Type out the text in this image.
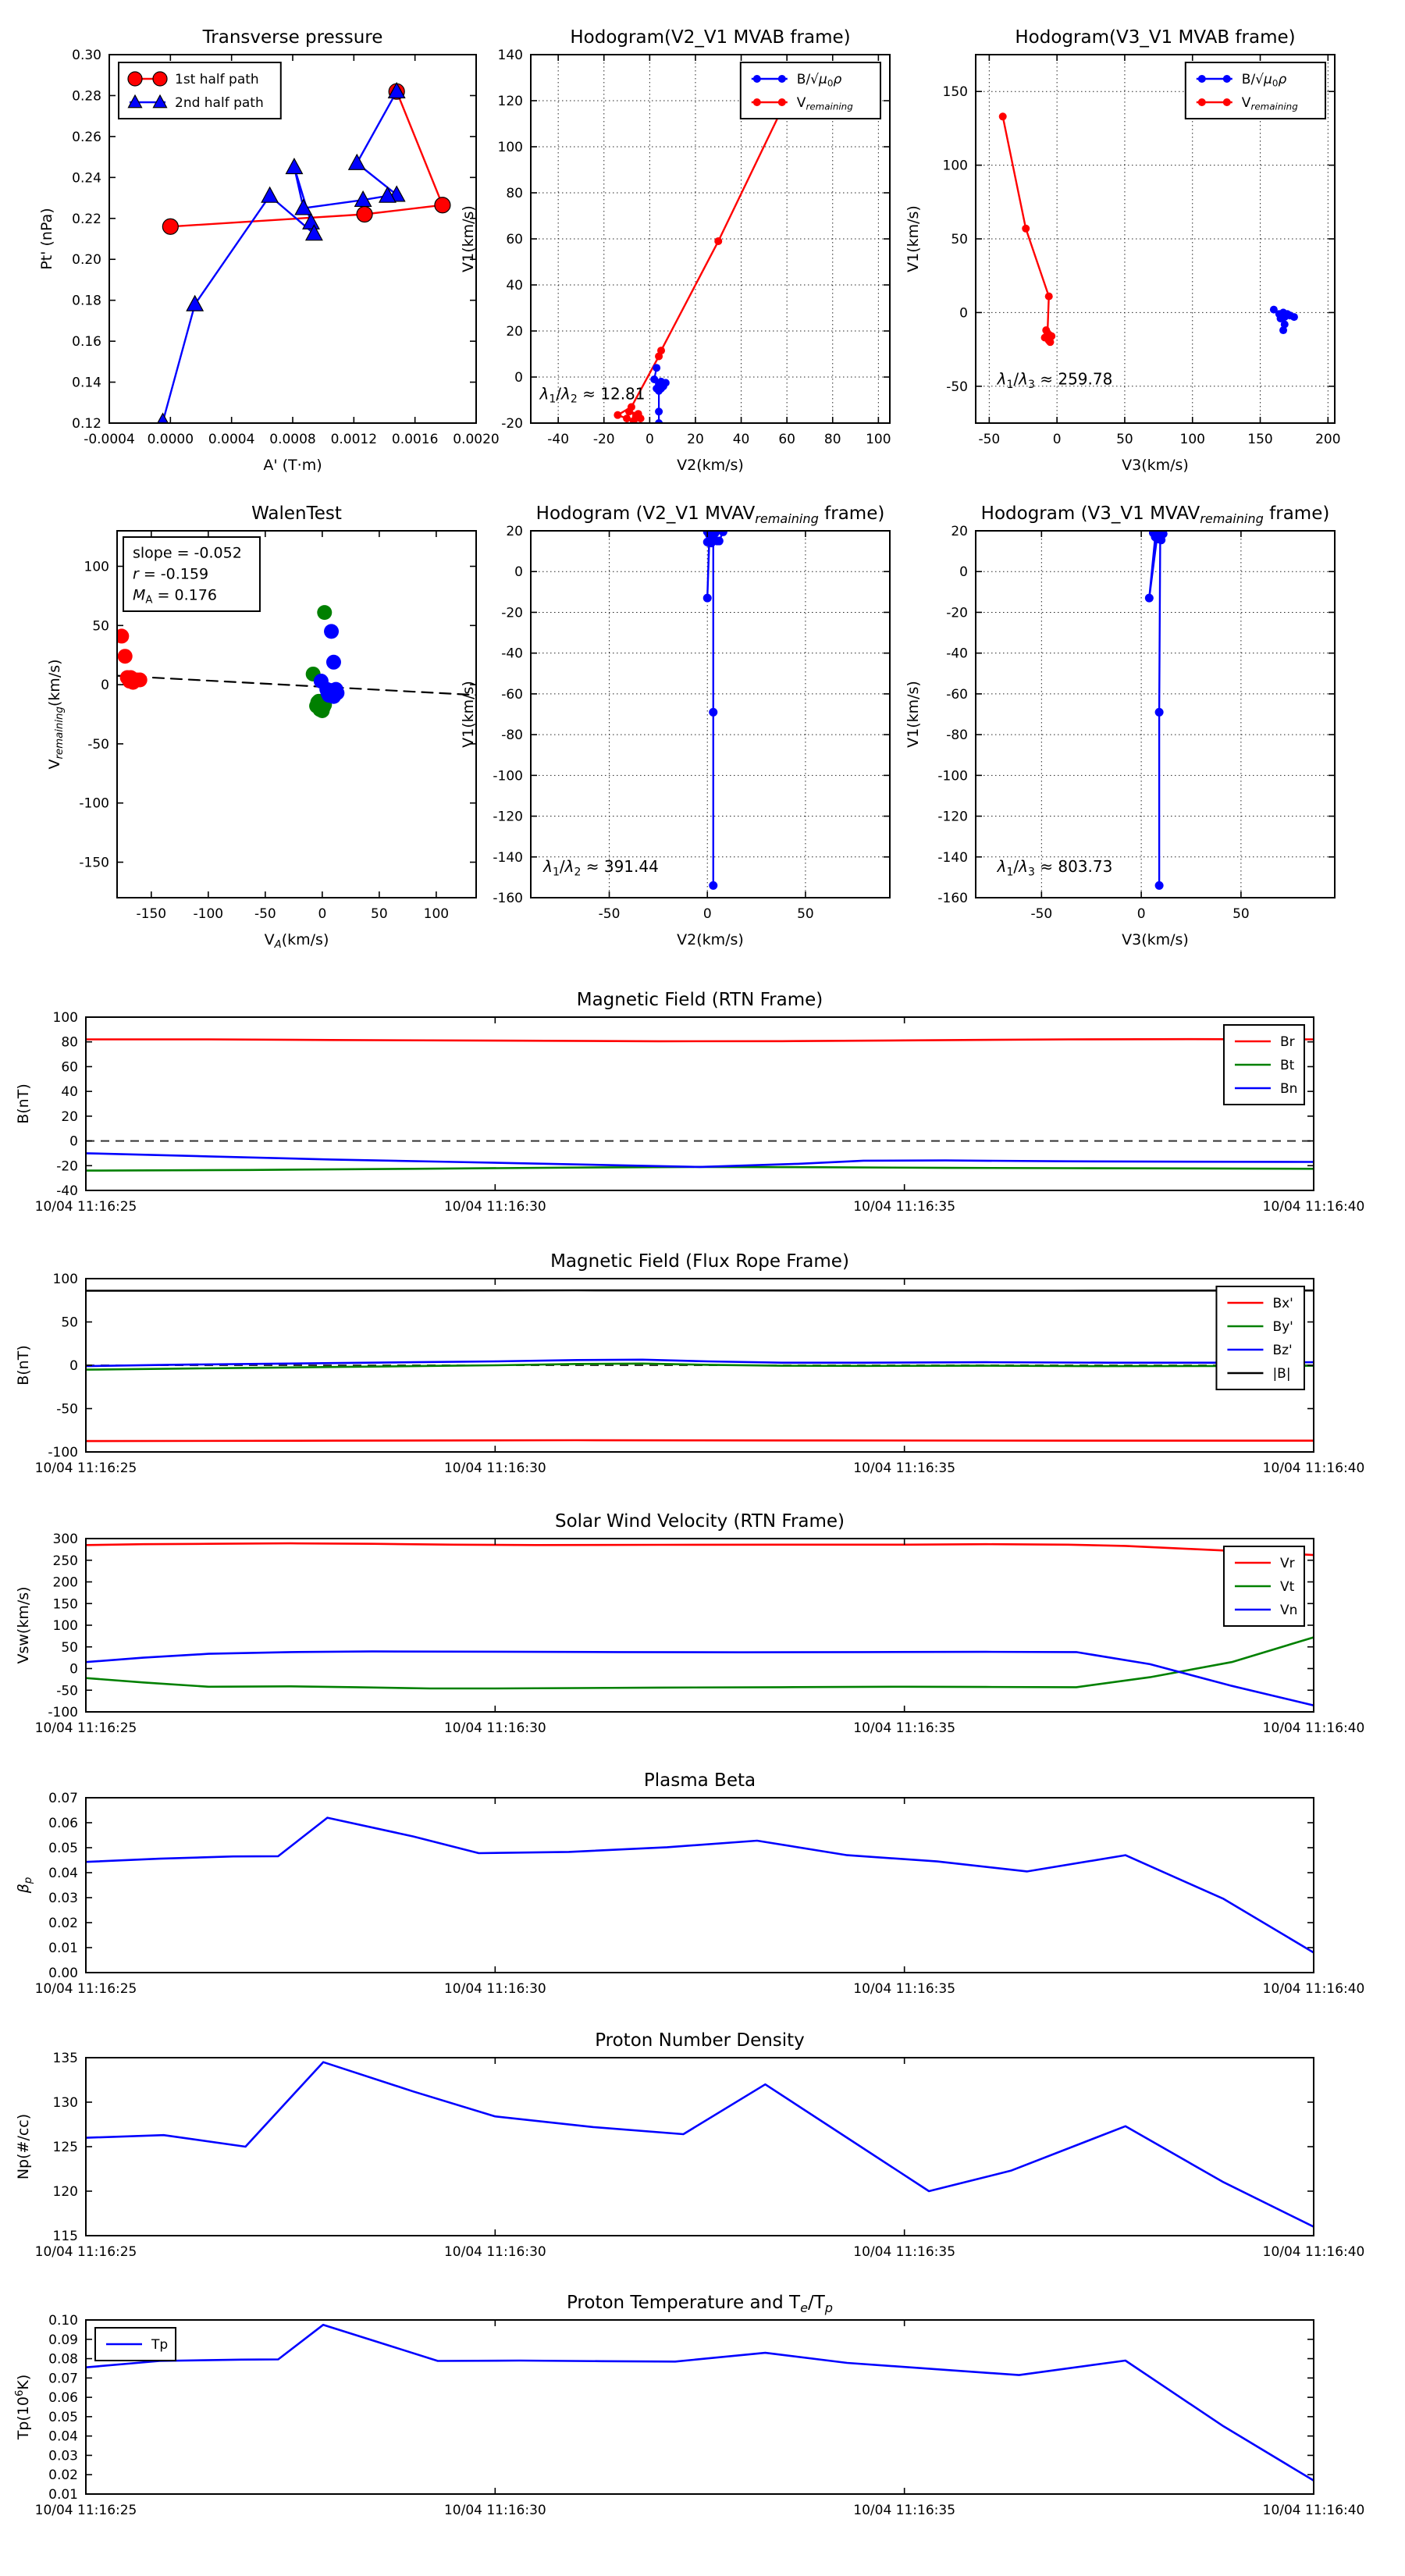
-0.0004 0.0000 0.0004 0.0008 0.0012 0.0016 0.0020
0.12
0.14
0.16
0.18
0.20
0.22
0.24
0.26
0.28
0.30
Transverse pressure
A' (T·m)
Pt' (nPa)
1st half path
2nd half path
-40 -20 0 20 40 60 80 100
-20
0
20
40
60
80
100
120
140
Hodogram(V2_V1 MVAB frame)
V2(km/s)
V1(km/s)
$B/√\mu_0\rho$
$V_{remaining}$
$\lambda_1/\lambda_2 \approx 12.81$
-50	0	50	100	150	200
-50
0
50
100
150
Hodogram(V3_V1 MVAB frame)
V3(km/s)
V1(km/s)
$B/√\mu_0\rho$
$V_{remaining}$
$\lambda_1/\lambda_3 \approx 259.78$
-150 -100 -50	0	50	100
-150
-100
-50
0
50
100
WalenTest
$V_A(km/s)$
$V_{remaining}(km/s)$
slope = -0.052
r = -0.159
$M_A = 0.176$
-50	0	50
-160
-140
-120
-100
-80
-60
-40
-20
0
20
Hodogram (V2_V1 $MVAV_{remaining}$ frame)
V2(km/s)
V1(km/s)
$\lambda_1/\lambda_2 \approx 391.44$
-50	0	50
-160
-140
-120
-100
-80
-60
-40
-20
0
20
Hodogram (V3_V1 $MVAV_{remaining}$ frame)
V3(km/s)
V1(km/s)
$\lambda_1/\lambda_3 \approx 803.73$
10/04 11:16:25	10/04 11:16:30	10/04 11:16:35	10/04 11:16:40
-40
-20
0
20
40
60
80
100
Magnetic Field (RTN Frame)
B(nT)
Br
Bt
Bn
10/04 11:16:25	10/04 11:16:30	10/04 11:16:35	10/04 11:16:40
-100
-50
0
50
100
Magnetic Field (Flux Rope Frame)
B(nT)
Bx'
By'
Bz'
|B|
10/04 11:16:25	10/04 11:16:30	10/04 11:16:35	10/04 11:16:40
-100
-50
0
50
100
150
200
250
300
Solar Wind Velocity (RTN Frame)
Vsw(km/s)
Vr
Vt
Vn
10/04 11:16:25	10/04 11:16:30	10/04 11:16:35	10/04 11:16:40
0.00
0.01
0.02
0.03
0.04
0.05
0.06
0.07
Plasma Beta
$\beta_p$
10/04 11:16:25	10/04 11:16:30	10/04 11:16:35	10/04 11:16:40
115
120
125
130
135
Proton Number Density
Np(#/cc)
10/04 11:16:25	10/04 11:16:30	10/04 11:16:35	10/04 11:16:40
0.01
0.02
0.03
0.04
0.05
0.06
0.07
0.08
0.09
0.10
Proton Temperature and $T_e/T_p$
$Tp(10^6K)$
Tp
